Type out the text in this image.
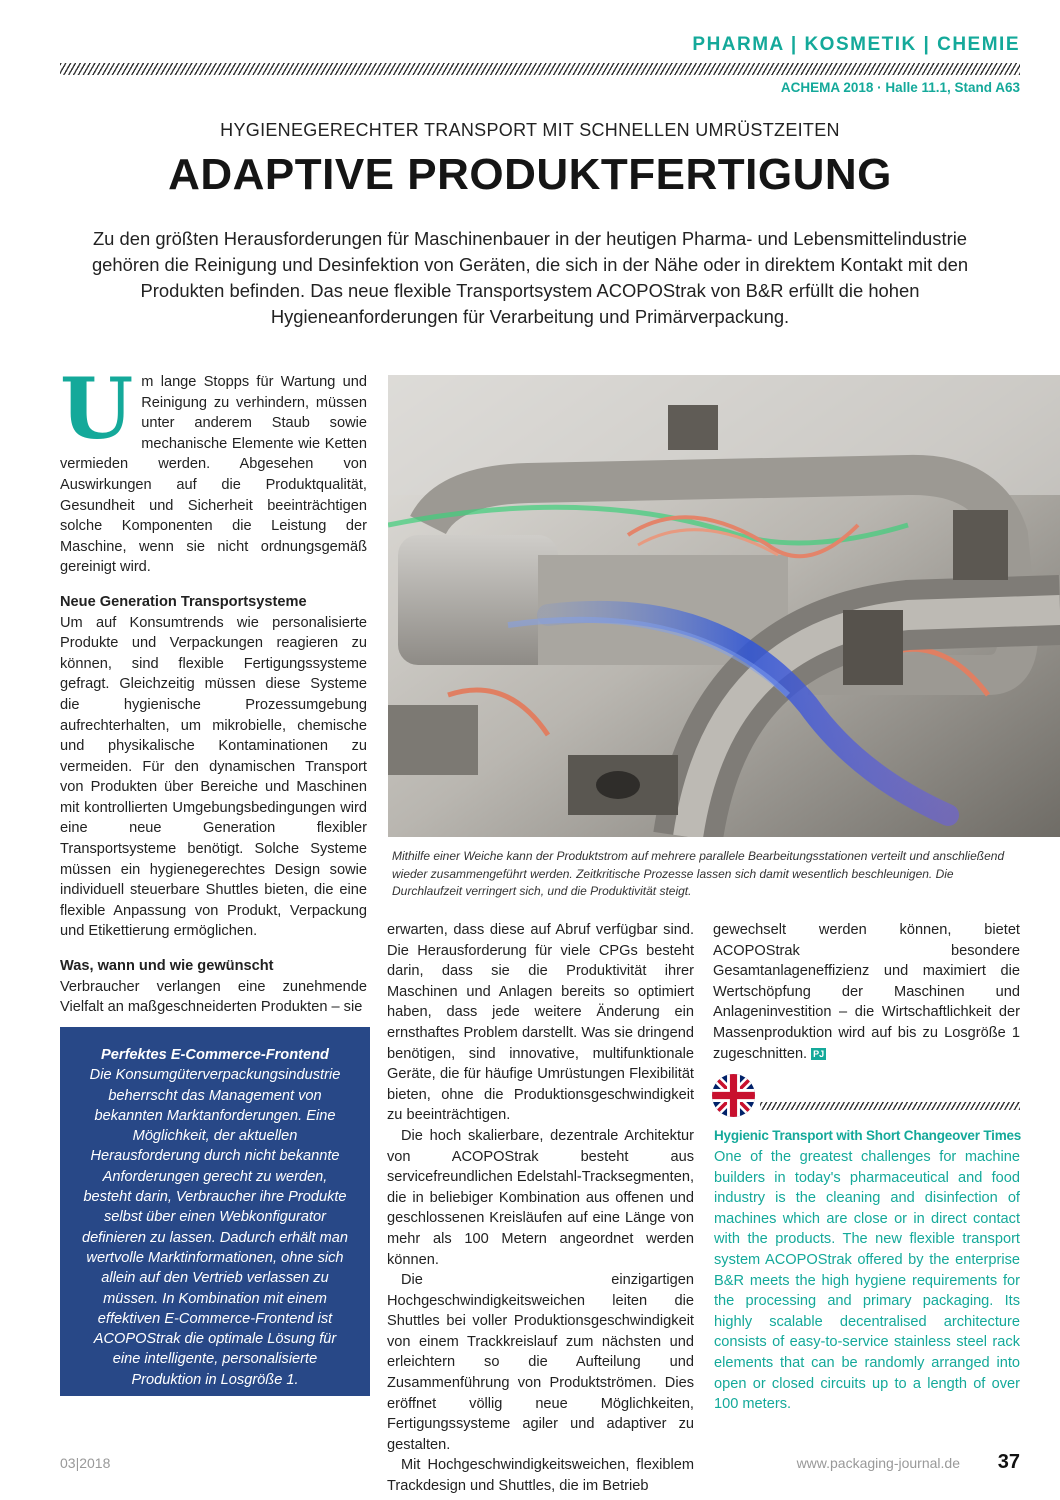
PHARMA | KOSMETIK | CHEMIE
ACHEMA 2018 · Halle 11.1, Stand A63
HYGIENEGERECHTER TRANSPORT MIT SCHNELLEN UMRÜSTZEITEN
ADAPTIVE PRODUKTFERTIGUNG
Zu den größten Herausforderungen für Maschinenbauer in der heutigen Pharma- und Lebensmittelindustrie gehören die Reinigung und Desinfektion von Geräten, die sich in der Nähe oder in direktem Kontakt mit den Produkten befinden. Das neue flexible Transportsystem ACOPOStrak von B&R erfüllt die hohen Hygieneanforderungen für Verarbeitung und Primärverpackung.

Um lange Stopps für Wartung und Reinigung zu verhindern, müssen unter anderem Staub sowie mechanische Elemente wie Ketten vermieden werden. Abgesehen von Auswirkungen auf die Produktqualität, Gesundheit und Sicherheit beeinträchtigen solche Komponenten die Leistung der Maschine, wenn sie nicht ordnungsgemäß gereinigt wird.

Neue Generation Transportsysteme

Um auf Konsumtrends wie personalisierte Produkte und Verpackungen reagieren zu können, sind flexible Fertigungssysteme gefragt. Gleichzeitig müssen diese Systeme die hygienische Prozessumgebung aufrechterhalten, um mikrobielle, chemische und physikalische Kontaminationen zu vermeiden. Für den dynamischen Transport von Produkten über Bereiche und Maschinen mit kontrollierten Umgebungsbedingungen wird eine neue Generation flexibler Transportsysteme benötigt. Solche Systeme müssen ein hygienegerechtes Design sowie individuell steuerbare Shuttles bieten, die eine flexible Anpassung von Produkt, Verpackung und Etikettierung ermöglichen.

Was, wann und wie gewünscht

Verbraucher verlangen eine zunehmende Vielfalt an maßgeschneiderten Produkten – sie

Mithilfe einer Weiche kann der Produktstrom auf mehrere parallele Bearbeitungsstationen verteilt und anschließend wieder zusammengeführt werden. Zeitkritische Prozesse lassen sich damit wesentlich beschleunigen. Die Durchlaufzeit verringert sich, und die Produktivität steigt.
Perfektes E-Commerce-Frontend
Die Konsumgüterverpackungsindustrie beherrscht das Management von bekannten Marktanforderungen. Eine Möglichkeit, der aktuellen Herausforderung durch nicht bekannte Anforderungen gerecht zu werden, besteht darin, Verbraucher ihre Produkte selbst über einen Webkonfigurator definieren zu lassen. Dadurch erhält man wertvolle Marktinformationen, ohne sich allein auf den Vertrieb verlassen zu müssen. In Kombination mit einem effektiven E-Commerce-Frontend ist ACOPOStrak die optimale Lösung für eine intelligente, personalisierte Produktion in Losgröße 1.

erwarten, dass diese auf Abruf verfügbar sind. Die Herausforderung für viele CPGs besteht darin, dass sie die Produktivität ihrer Maschinen und Anlagen bereits so optimiert haben, dass jede weitere Änderung ein ernsthaftes Problem darstellt. Was sie dringend benötigen, sind innovative, multifunktionale Geräte, die für häufige Umrüstungen Flexibilität bieten, ohne die Produktionsgeschwindigkeit zu beeinträchtigen.

Die hoch skalierbare, dezentrale Architektur von ACOPOStrak besteht aus servicefreundlichen Edelstahl-Tracksegmenten, die in beliebiger Kombination aus offenen und geschlossenen Kreisläufen auf eine Länge von mehr als 100 Metern angeordnet werden können.

Die einzigartigen Hochgeschwindigkeitsweichen leiten die Shuttles bei voller Produktionsgeschwindigkeit von einem Trackkreislauf zum nächsten und erleichtern so die Aufteilung und Zusammenführung von Produktströmen. Dies eröffnet völlig neue Möglichkeiten, Fertigungssysteme agiler und adaptiver zu gestalten.

Mit Hochgeschwindigkeitsweichen, flexiblem Trackdesign und Shuttles, die im Betrieb

gewechselt werden können, bietet ACOPOStrak besondere Gesamtanlageneffizienz und maximiert die Wertschöpfung der Maschinen und Anlageninvestition – die Wirtschaftlichkeit der Massenproduktion wird auf bis zu Losgröße 1 zugeschnitten. PJ

Hygienic Transport with Short Changeover Times
One of the greatest challenges for machine builders in today's pharmaceutical and food industry is the cleaning and disinfection of machines which are close or in direct contact with the products. The new flexible transport system ACOPOStrak offered by the enterprise B&R meets the high hygiene requirements for the processing and primary packaging. Its highly scalable decentralised architecture consists of easy-to-service stainless steel rack elements that can be randomly arranged into open or closed circuits up to a length of over 100 meters.
03|2018	www.packaging-journal.de 37
